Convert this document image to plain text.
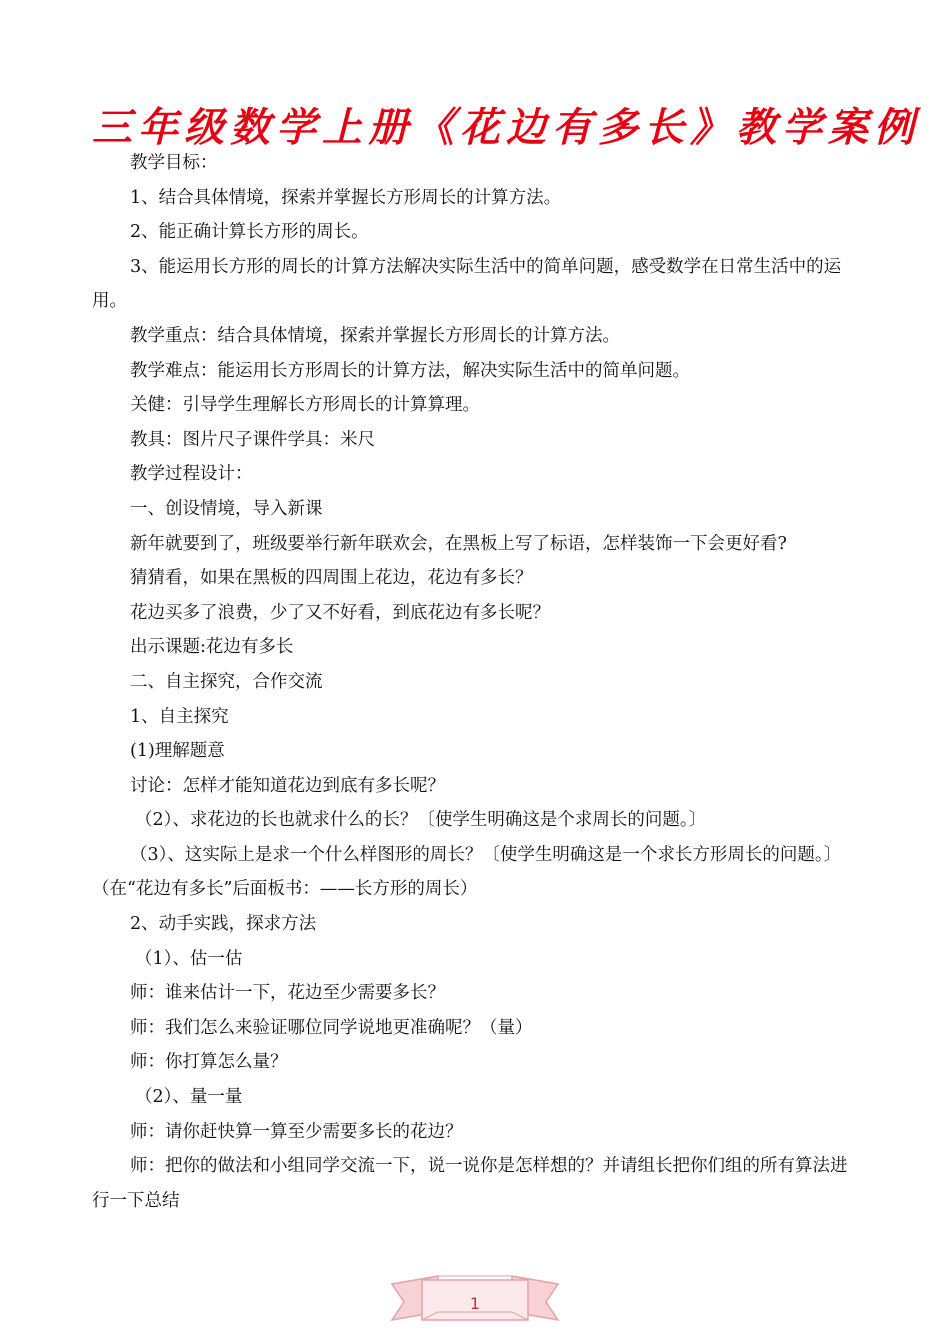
三年级数学上册《花边有多长》教学案例

教学目标：

1、结合具体情境，探索并掌握长方形周长的计算方法。

2、能正确计算长方形的周长。

3、能运用长方形的周长的计算方法解决实际生活中的简单问题，感受数学在日常生活中的运用。

教学重点：结合具体情境，探索并掌握长方形周长的计算方法。

教学难点：能运用长方形周长的计算方法，解决实际生活中的简单问题。

关健：引导学生理解长方形周长的计算算理。

教具：图片尺子课件学具：米尺

教学过程设计：

一、创设情境，导入新课

新年就要到了，班级要举行新年联欢会，在黑板上写了标语，怎样装饰一下会更好看?

猜猜看，如果在黑板的四周围上花边，花边有多长？

花边买多了浪费，少了又不好看，到底花边有多长呢？

出示课题:花边有多长

二、自主探究，合作交流

1、自主探究

(1)理解题意

讨论：怎样才能知道花边到底有多长呢？

（2）、求花边的长也就求什么的长？〔使学生明确这是个求周长的问题。〕

（3）、这实际上是求一个什么样图形的周长？〔使学生明确这是一个求长方形周长的问题。〕（在“花边有多长”后面板书：——长方形的周长）

2、动手实践，探求方法

（1）、估一估

师：谁来估计一下，花边至少需要多长？

师：我们怎么来验证哪位同学说地更准确呢？（量）

师：你打算怎么量？

（2）、量一量

师：请你赶快算一算至少需要多长的花边？

师：把你的做法和小组同学交流一下，说一说你是怎样想的？并请组长把你们组的所有算法进行一下总结

1
